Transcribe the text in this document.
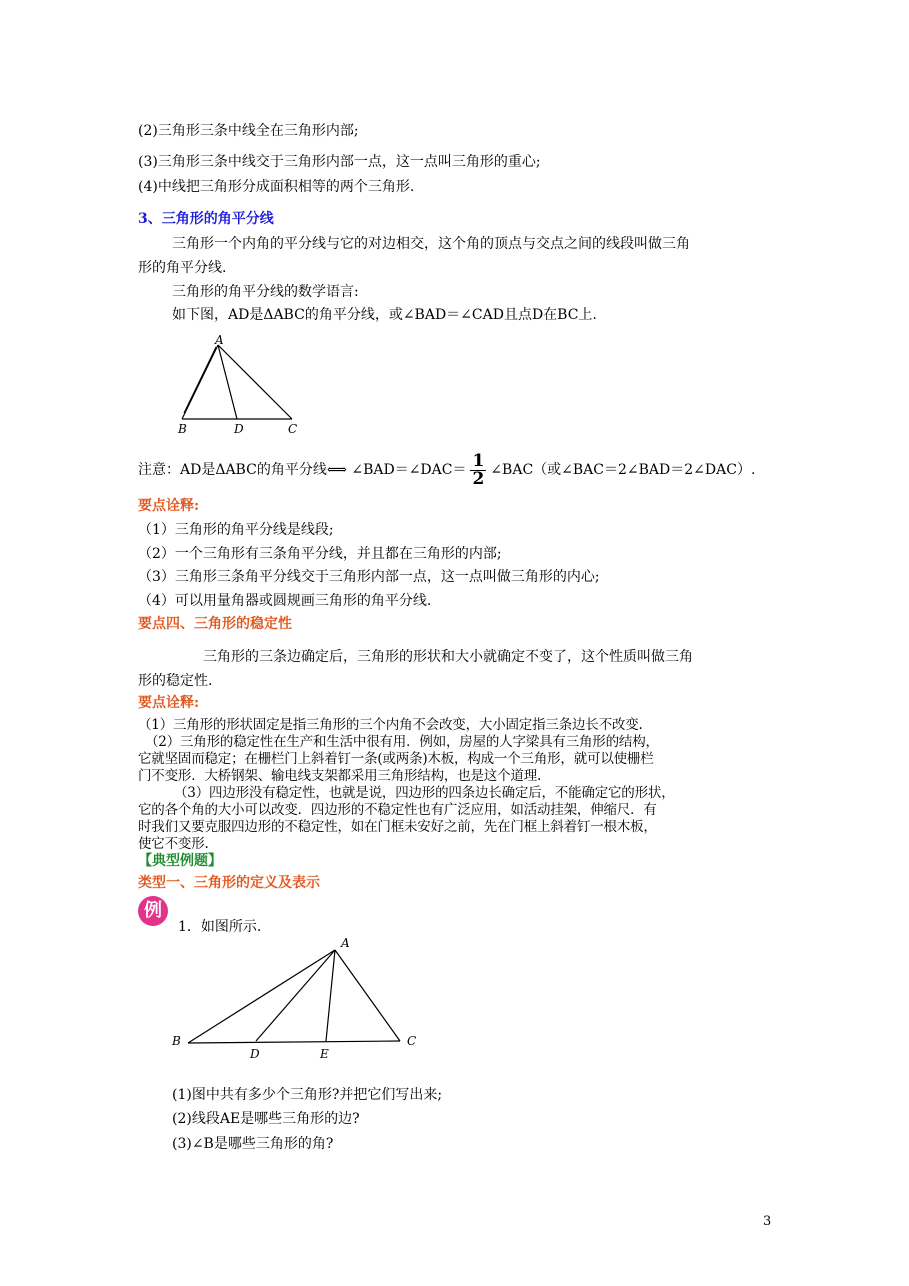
(2)三角形三条中线全在三角形内部;
(3)三角形三条中线交于三角形内部一点，这一点叫三角形的重心;
(4)中线把三角形分成面积相等的两个三角形.
3、三角形的角平分线
三角形一个内角的平分线与它的对边相交，这个角的顶点与交点之间的线段叫做三角
形的角平分线.
三角形的角平分线的数学语言:
如下图，AD是ΔABC的角平分线，或∠BAD＝∠CAD且点D在BC上.
A
B	D	C
注意：AD是ΔABC的角平分线⟺ ∠BAD＝∠DAC＝ $\frac{1}{2}$ ∠BAC（或∠BAC＝2∠BAD＝2∠DAC）.
要点诠释:
（1）三角形的角平分线是线段;
（2）一个三角形有三条角平分线，并且都在三角形的内部;
（3）三角形三条角平分线交于三角形内部一点，这一点叫做三角形的内心;
（4）可以用量角器或圆规画三角形的角平分线.
要点四、三角形的稳定性
三角形的三条边确定后，三角形的形状和大小就确定不变了，这个性质叫做三角
形的稳定性.
要点诠释:
（1）三角形的形状固定是指三角形的三个内角不会改变，大小固定指三条边长不改变.
（2）三角形的稳定性在生产和生活中很有用．例如，房屋的人字梁具有三角形的结构，
它就坚固而稳定；在栅栏门上斜着钉一条(或两条)木板，构成一个三角形，就可以使栅栏
门不变形．大桥钢架、输电线支架都采用三角形结构，也是这个道理.
（3）四边形没有稳定性，也就是说，四边形的四条边长确定后，不能确定它的形状，
它的各个角的大小可以改变．四边形的不稳定性也有广泛应用，如活动挂架，伸缩尺．有
时我们又要克服四边形的不稳定性，如在门框未安好之前，先在门框上斜着钉一根木板，
使它不变形.
【典型例题】
类型一、三角形的定义及表示
例
1．如图所示.
A
B
D	E
C
(1)图中共有多少个三角形?并把它们写出来;
(2)线段AE是哪些三角形的边?
(3)∠B是哪些三角形的角?
3
